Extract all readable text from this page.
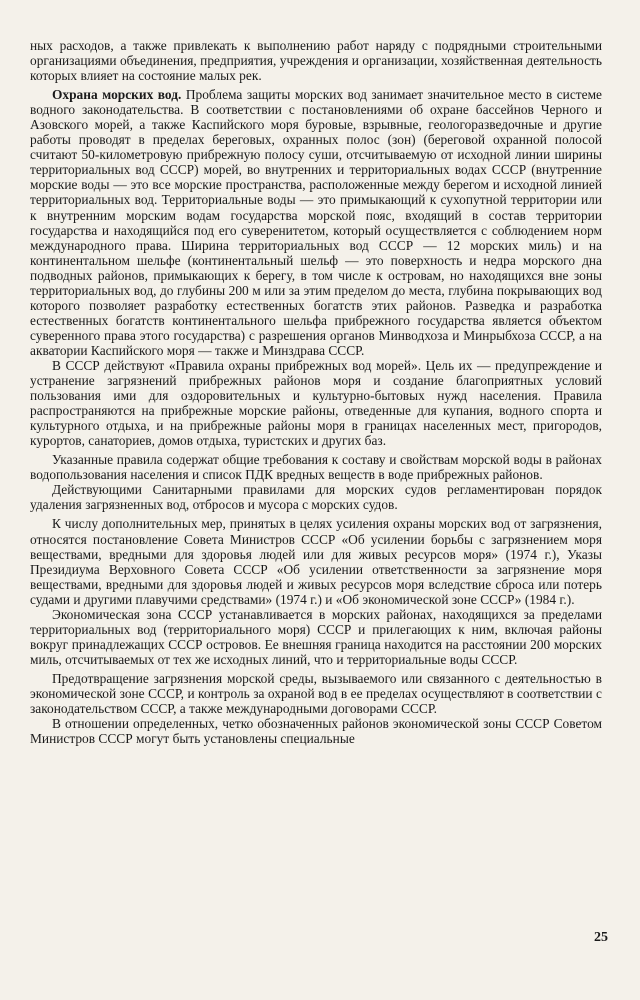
ных расходов, а также привлекать к выполнению работ наряду с подрядными строительными организациями объединения, предприятия, учреждения и организации, хозяйственная деятельность которых влияет на состояние малых рек.

Охрана морских вод. Проблема защиты морских вод занимает значительное место в системе водного законодательства. В соответствии с постановлениями об охране бассейнов Черного и Азовского морей, а также Каспийского моря буровые, взрывные, геологоразведочные и другие работы проводят в пределах береговых, охранных полос (зон) (береговой охранной полосой считают 50-километровую прибрежную полосу суши, отсчитываемую от исходной линии ширины территориальных вод СССР) морей, во внутренних и территориальных водах СССР (внутренние морские воды — это все морские пространства, расположенные между берегом и исходной линией территориальных вод. Территориальные воды — это примыкающий к сухопутной территории или к внутренним морским водам государства морской пояс, входящий в состав территории государства и находящийся под его суверенитетом, который осуществляется с соблюдением норм международного права. Ширина территориальных вод СССР — 12 морских миль) и на континентальном шельфе (континентальный шельф — это поверхность и недра морского дна подводных районов, примыкающих к берегу, в том числе к островам, но находящихся вне зоны территориальных вод, до глубины 200 м или за этим пределом до места, глубина покрывающих вод которого позволяет разработку естественных богатств этих районов. Разведка и разработка естественных богатств континентального шельфа прибрежного государства является объектом суверенного права этого государства) с разрешения органов Минводхоза и Минрыбхоза СССР, а на акватории Каспийского моря — также и Минздрава СССР.

В СССР действуют «Правила охраны прибрежных вод морей». Цель их — предупреждение и устранение загрязнений прибрежных районов моря и создание благоприятных условий пользования ими для оздоровительных и культурно-бытовых нужд населения. Правила распространяются на прибрежные морские районы, отведенные для купания, водного спорта и культурного отдыха, и на прибрежные районы моря в границах населенных мест, пригородов, курортов, санаториев, домов отдыха, туристских и других баз.

Указанные правила содержат общие требования к составу и свойствам морской воды в районах водопользования населения и список ПДК вредных веществ в воде прибрежных районов.

Действующими Санитарными правилами для морских судов регламентирован порядок удаления загрязненных вод, отбросов и мусора с морских судов.

К числу дополнительных мер, принятых в целях усиления охраны морских вод от загрязнения, относятся постановление Совета Министров СССР «Об усилении борьбы с загрязнением моря веществами, вредными для здоровья людей или для живых ресурсов моря» (1974 г.), Указы Президиума Верховного Совета СССР «Об усилении ответственности за загрязнение моря веществами, вредными для здоровья людей и живых ресурсов моря вследствие сброса или потерь судами и другими плавучими средствами» (1974 г.) и «Об экономической зоне СССР» (1984 г.).

Экономическая зона СССР устанавливается в морских районах, находящихся за пределами территориальных вод (территориального моря) СССР и прилегающих к ним, включая районы вокруг принадлежащих СССР островов. Ее внешняя граница находится на расстоянии 200 морских миль, отсчитываемых от тех же исходных линий, что и территориальные воды СССР.

Предотвращение загрязнения морской среды, вызываемого или связанного с деятельностью в экономической зоне СССР, и контроль за охраной вод в ее пределах осуществляют в соответствии с законодательством СССР, а также международными договорами СССР.

В отношении определенных, четко обозначенных районов экономической зоны СССР Советом Министров СССР могут быть установлены специальные

25
